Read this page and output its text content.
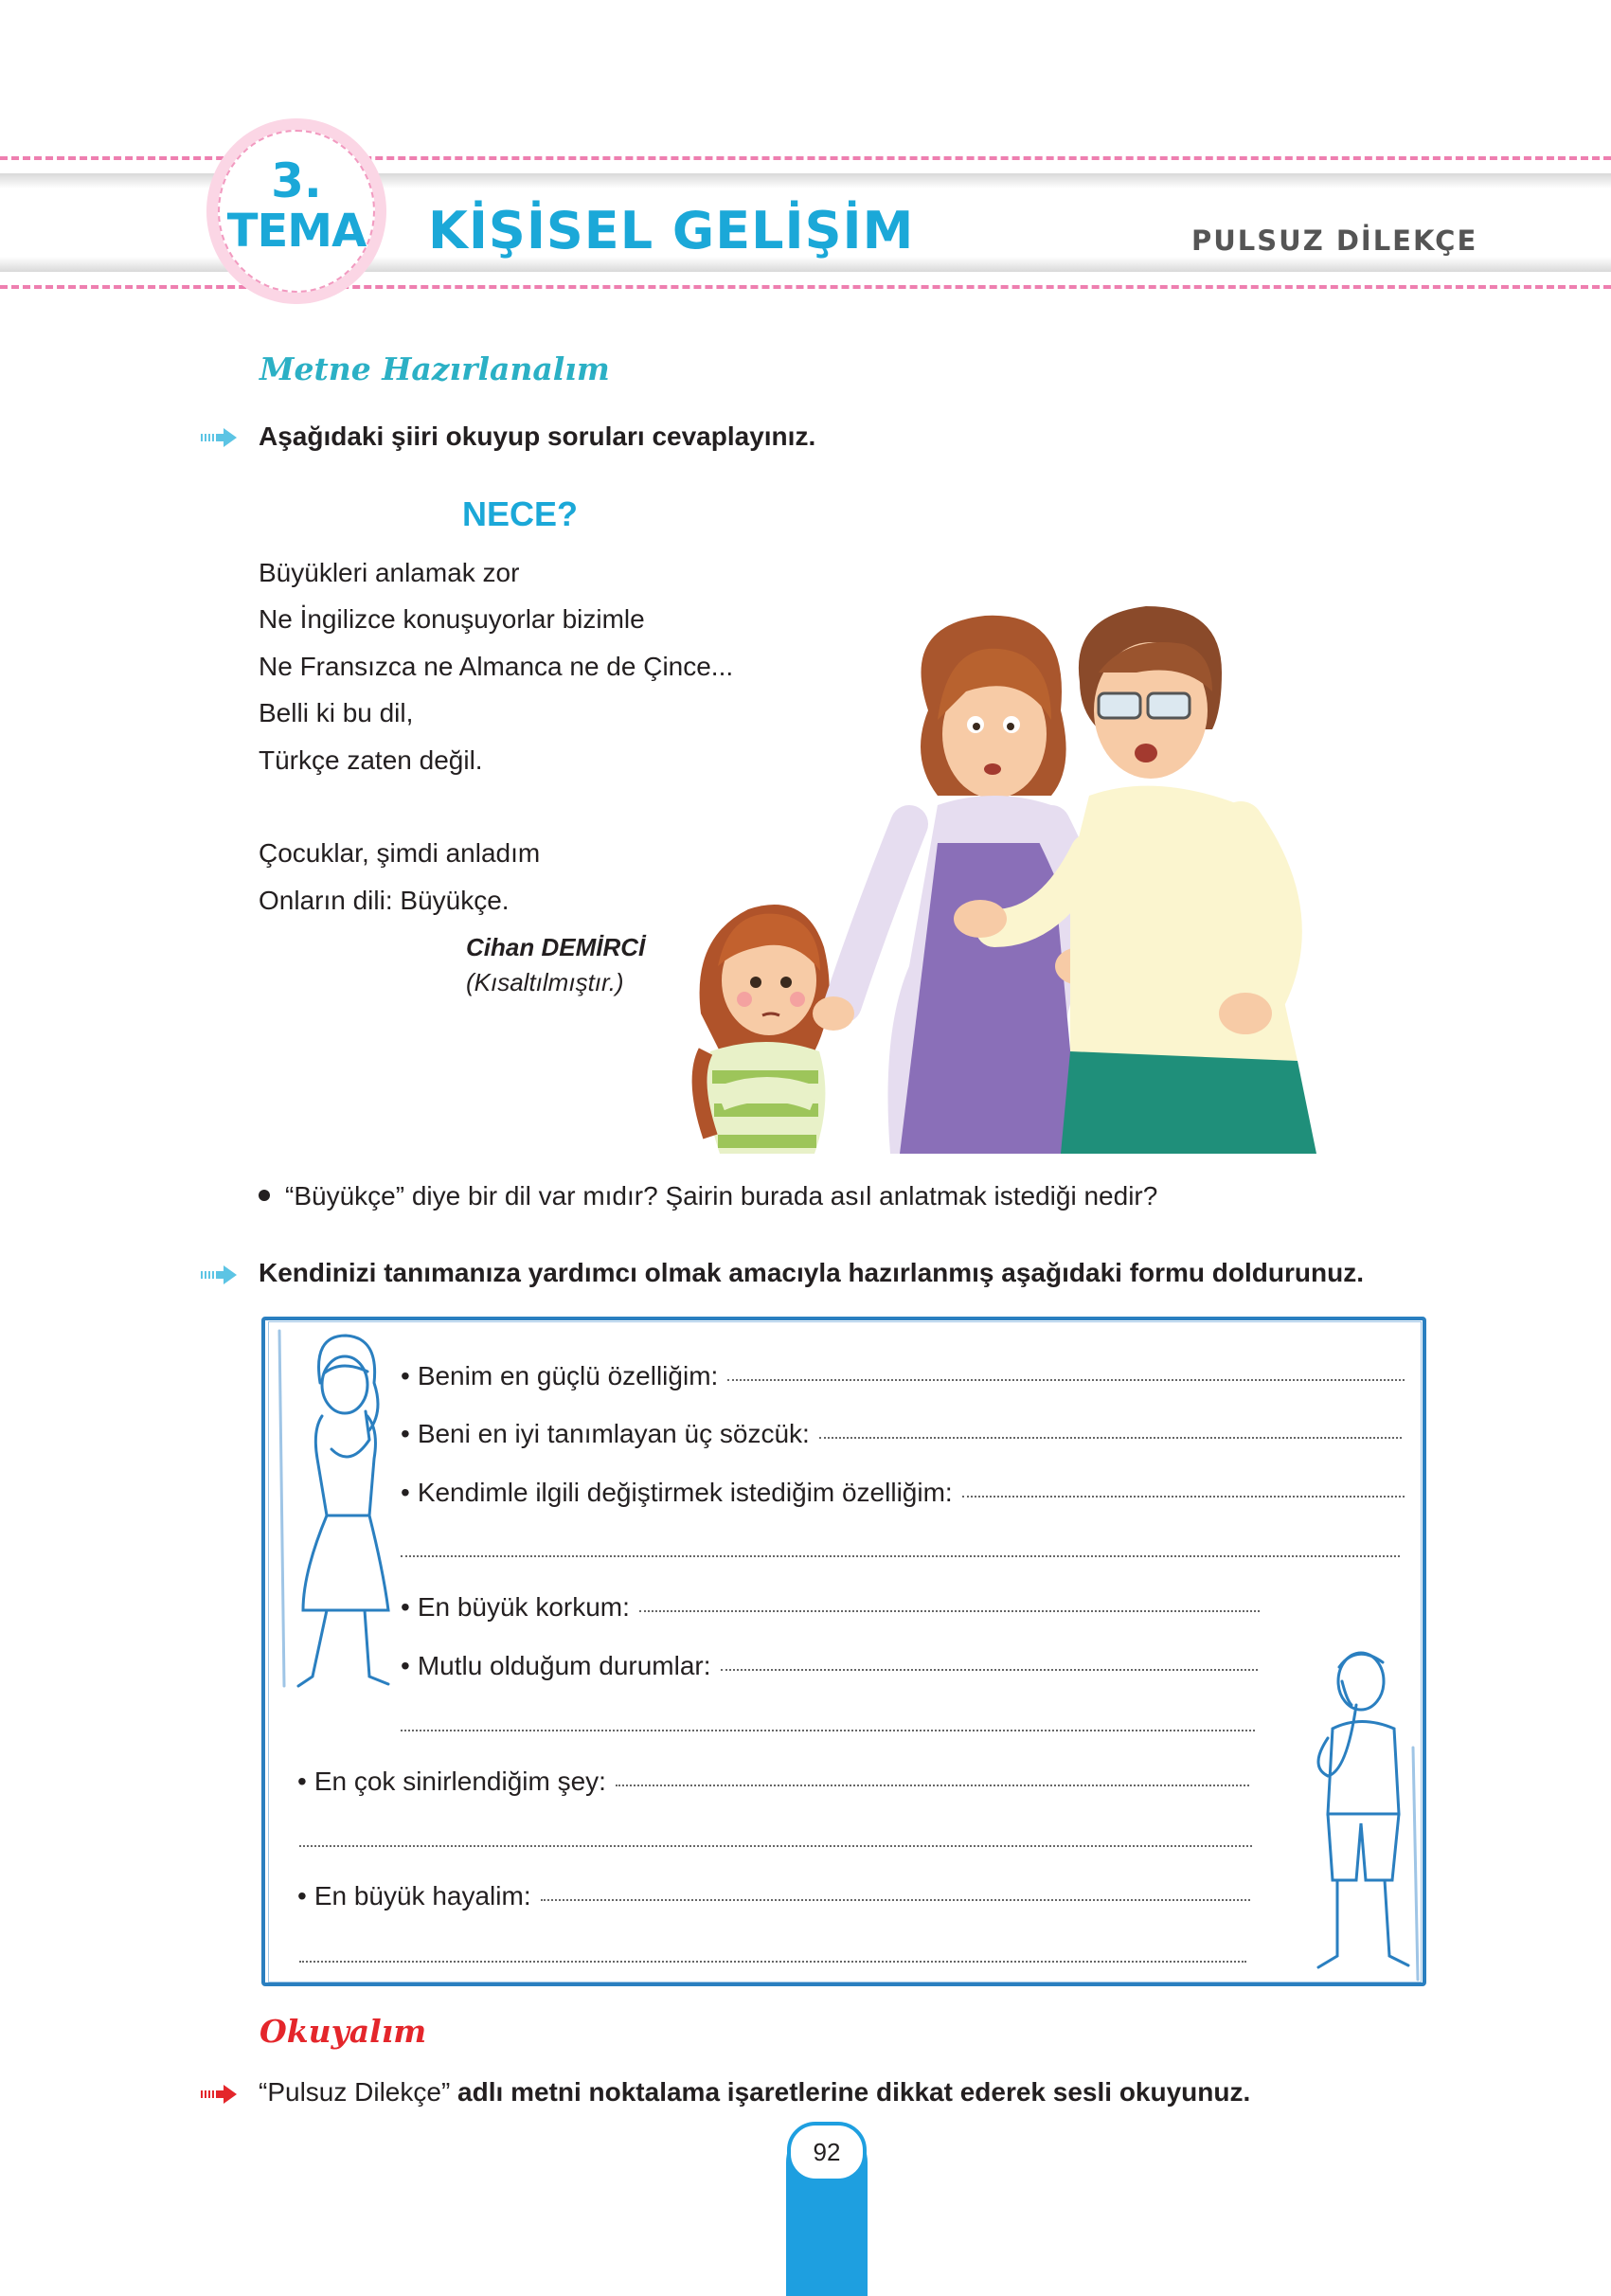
3.
TEMA KİŞİSEL GELİŞİM	PULSUZ DİLEKÇE
Metne Hazırlanalım
Aşağıdaki şiiri okuyup soruları cevaplayınız.
NECE?
Büyükleri anlamak zor
Ne İngilizce konuşuyorlar bizimle
Ne Fransızca ne Almanca ne de Çince...
Belli ki bu dil,
Türkçe zaten değil.
Çocuklar, şimdi anladım
Onların dili: Büyükçe.
Cihan DEMİRCİ
(Kısaltılmıştır.)
“Büyükçe” diye bir dil var mıdır? Şairin burada asıl anlatmak istediği nedir?
Kendinizi tanımanıza yardımcı olmak amacıyla hazırlanmış aşağıdaki formu doldurunuz.
• Benim en güçlü özelliğim:
• Beni en iyi tanımlayan üç sözcük:
• Kendimle ilgili değiştirmek istediğim özelliğim:
• En büyük korkum:
• Mutlu olduğum durumlar:
• En çok sinirlendiğim şey:
• En büyük hayalim:
Okuyalım
“Pulsuz Dilekçe” adlı metni noktalama işaretlerine dikkat ederek sesli okuyunuz.
92
